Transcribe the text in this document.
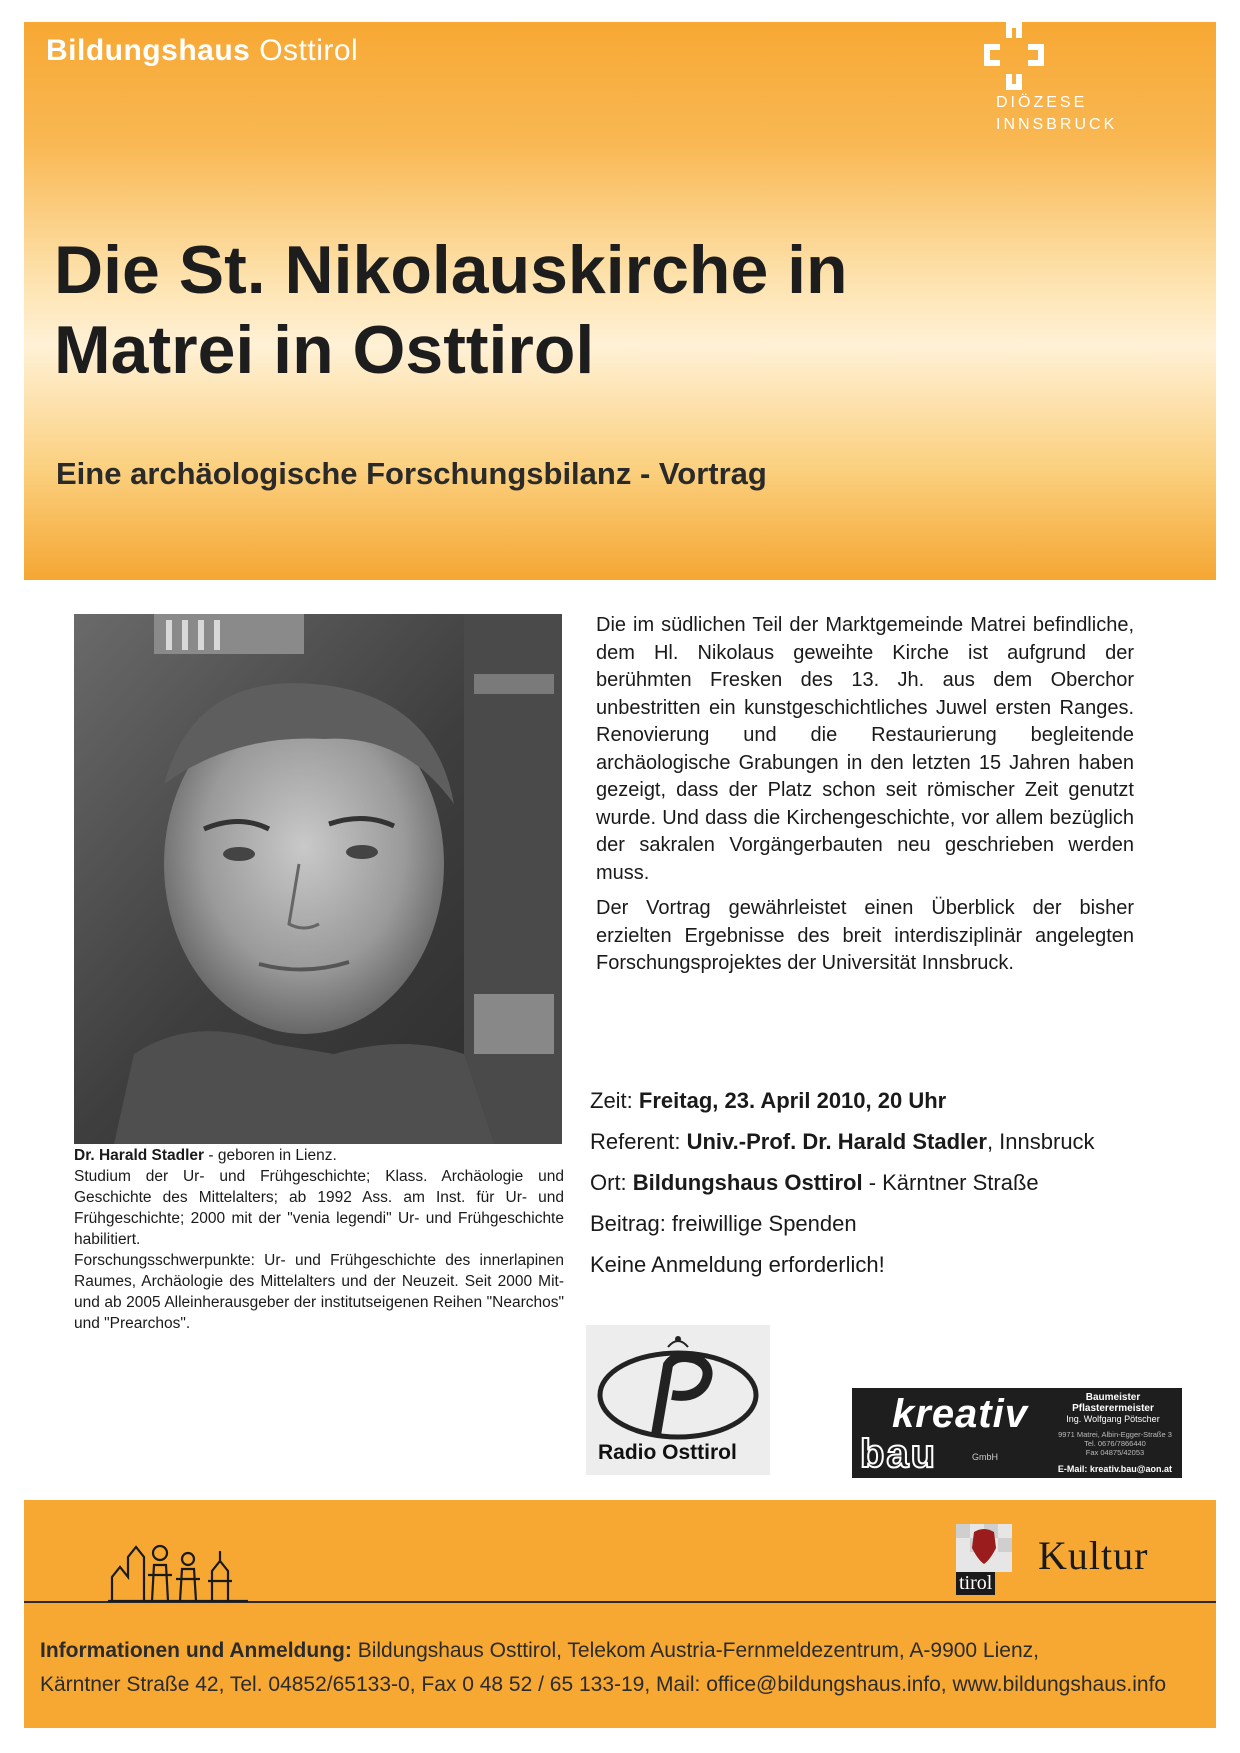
Bildungshaus Osttirol
DIÖZESE
INNSBRUCK
Die St. Nikolauskirche in
Matrei in Osttirol
Eine archäologische Forschungsbilanz - Vortrag

Dr. Harald Stadler - geboren in Lienz.

Studium der Ur- und Frühgeschichte; Klass. Archäologie und Geschichte des Mittelalters; ab 1992 Ass. am Inst. für Ur- und Frühgeschichte; 2000 mit der "venia legendi" Ur- und Frühgeschichte habilitiert.

Forschungsschwerpunkte: Ur- und Frühgeschichte des innerlapinen Raumes, Archäologie des Mittelalters und der Neuzeit. Seit 2000 Mit- und ab 2005 Alleinherausgeber der institutseigenen Reihen "Nearchos" und "Prearchos".

Die im südlichen Teil der Marktgemeinde Matrei befindliche, dem Hl. Nikolaus geweihte Kirche ist aufgrund der berühmten Fresken des 13. Jh. aus dem Oberchor unbestritten ein kunstgeschichtliches Juwel ersten Ranges. Renovierung und die Restaurierung begleitende archäologische Grabungen in den letzten 15 Jahren haben gezeigt, dass der Platz schon seit römischer Zeit genutzt wurde. Und dass die Kirchengeschichte, vor allem bezüglich der sakralen Vorgängerbauten neu geschrieben werden muss.

Der Vortrag gewährleistet einen Überblick der bisher erzielten Ergebnisse des breit interdisziplinär angelegten Forschungsprojektes der Universität Innsbruck.

Zeit: Freitag, 23. April 2010, 20 Uhr
Referent: Univ.-Prof. Dr. Harald Stadler, Innsbruck
Ort: Bildungshaus Osttirol - Kärntner Straße
Beitrag: freiwillige Spenden
Keine Anmeldung erforderlich!
Radio Osttirol
kreativ
bau	GmbH
Baumeister
Pflasterermeister
Ing. Wolfgang Pötscher
9971 Matrei, Albin-Egger-Straße 3
Tel. 0676/7866440
Fax 04875/42053
E-Mail: kreativ.bau@aon.at
tirol
Kultur
Informationen und Anmeldung: Bildungshaus Osttirol, Telekom Austria-Fernmeldezentrum, A-9900 Lienz,
Kärntner Straße 42, Tel. 04852/65133-0, Fax 0 48 52 / 65 133-19, Mail: office@bildungshaus.info, www.bildungshaus.info
